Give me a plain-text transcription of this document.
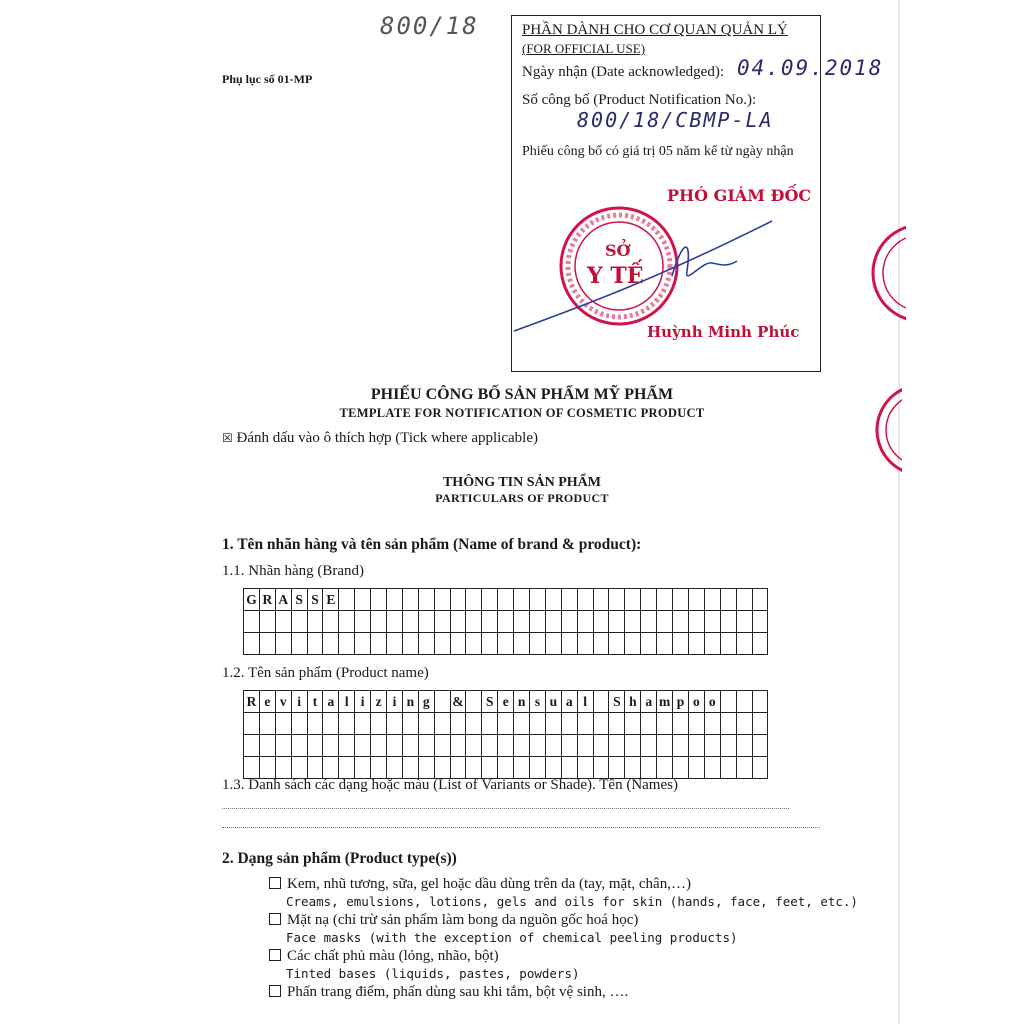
800/18
Phụ lục số 01-MP
PHẦN DÀNH CHO CƠ QUAN QUẢN LÝ
(FOR OFFICIAL USE)
Ngày nhận (Date acknowledged): 04.09.2018
Số công bố (Product Notification No.):
800/18/CBMP-LA
Phiếu công bố có giá trị 05 năm kể từ ngày nhận
PHÓ GIÁM ĐỐC
SỞ
Y TẾ
Huỳnh Minh Phúc
PHIẾU CÔNG BỐ SẢN PHẨM MỸ PHẨM
TEMPLATE FOR NOTIFICATION OF COSMETIC PRODUCT
☒ Đánh dấu vào ô thích hợp (Tick where applicable)
THÔNG TIN SẢN PHẨM
PARTICULARS OF PRODUCT
1. Tên nhãn hàng và tên sản phẩm (Name of brand & product):
1.1. Nhãn hàng (Brand)
G	R	A	S	S	E																											

1.2. Tên sản phẩm (Product name)
R	e	v	i	t	a	l	i	z	i	n	g		&		S	e	n	s	u	a	l		S	h	a	m	p	o	o			

1.3. Danh sách các dạng hoặc màu (List of Variants or Shade). Tên (Names)
2. Dạng sản phẩm (Product type(s))
Kem, nhũ tương, sữa, gel hoặc dầu dùng trên da (tay, mặt, chân,…)
Creams, emulsions, lotions, gels and oils for skin (hands, face, feet, etc.)
Mặt nạ (chỉ trừ sản phẩm làm bong da nguồn gốc hoá học)
Face masks (with the exception of chemical peeling products)
Các chất phủ màu (lỏng, nhão, bột)
Tinted bases (liquids, pastes, powders)
Phấn trang điểm, phấn dùng sau khi tắm, bột vệ sinh, ….
